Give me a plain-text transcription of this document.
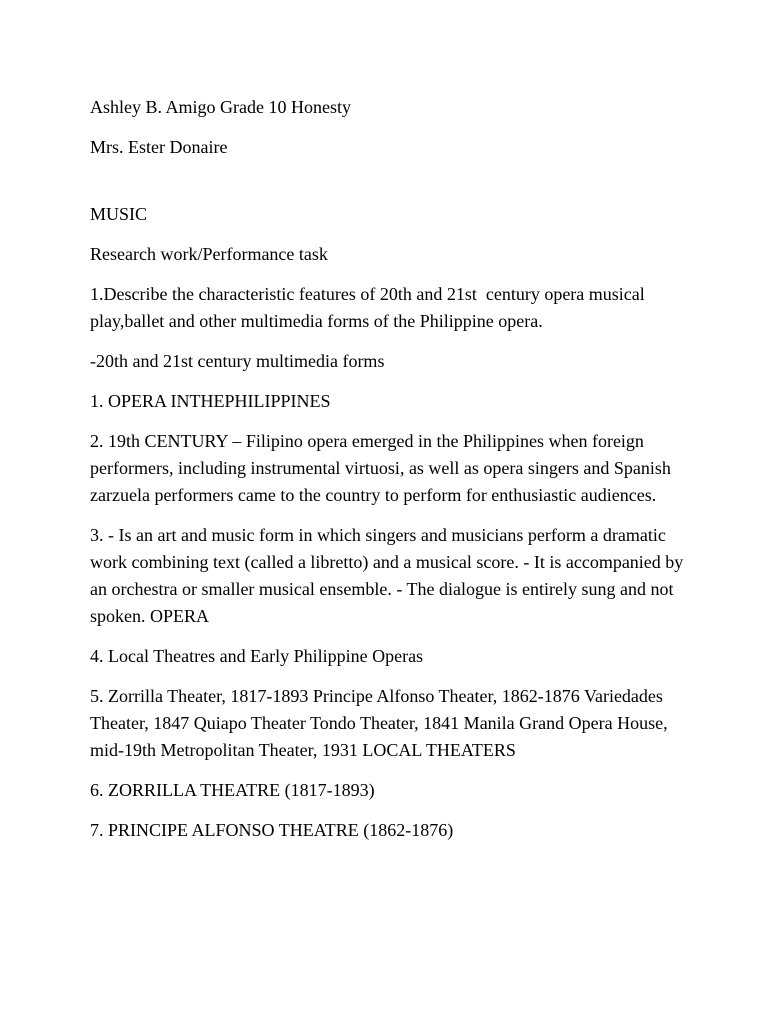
Ashley B. Amigo Grade 10 Honesty

Mrs. Ester Donaire

MUSIC

Research work/Performance task

1.Describe the characteristic features of 20th and 21st  century opera musical play,ballet and other multimedia forms of the Philippine opera.

-20th and 21st century multimedia forms

1. OPERA INTHEPHILIPPINES

2. 19th CENTURY – Filipino opera emerged in the Philippines when foreign performers, including instrumental virtuosi, as well as opera singers and Spanish zarzuela performers came to the country to perform for enthusiastic audiences.

3. - Is an art and music form in which singers and musicians perform a dramatic work combining text (called a libretto) and a musical score. - It is accompanied by an orchestra or smaller musical ensemble. - The dialogue is entirely sung and not spoken. OPERA

4. Local Theatres and Early Philippine Operas

5. Zorrilla Theater, 1817-1893 Principe Alfonso Theater, 1862-1876 Variedades Theater, 1847 Quiapo Theater Tondo Theater, 1841 Manila Grand Opera House, mid-19th Metropolitan Theater, 1931 LOCAL THEATERS

6. ZORRILLA THEATRE (1817-1893)

7. PRINCIPE ALFONSO THEATRE (1862-1876)
